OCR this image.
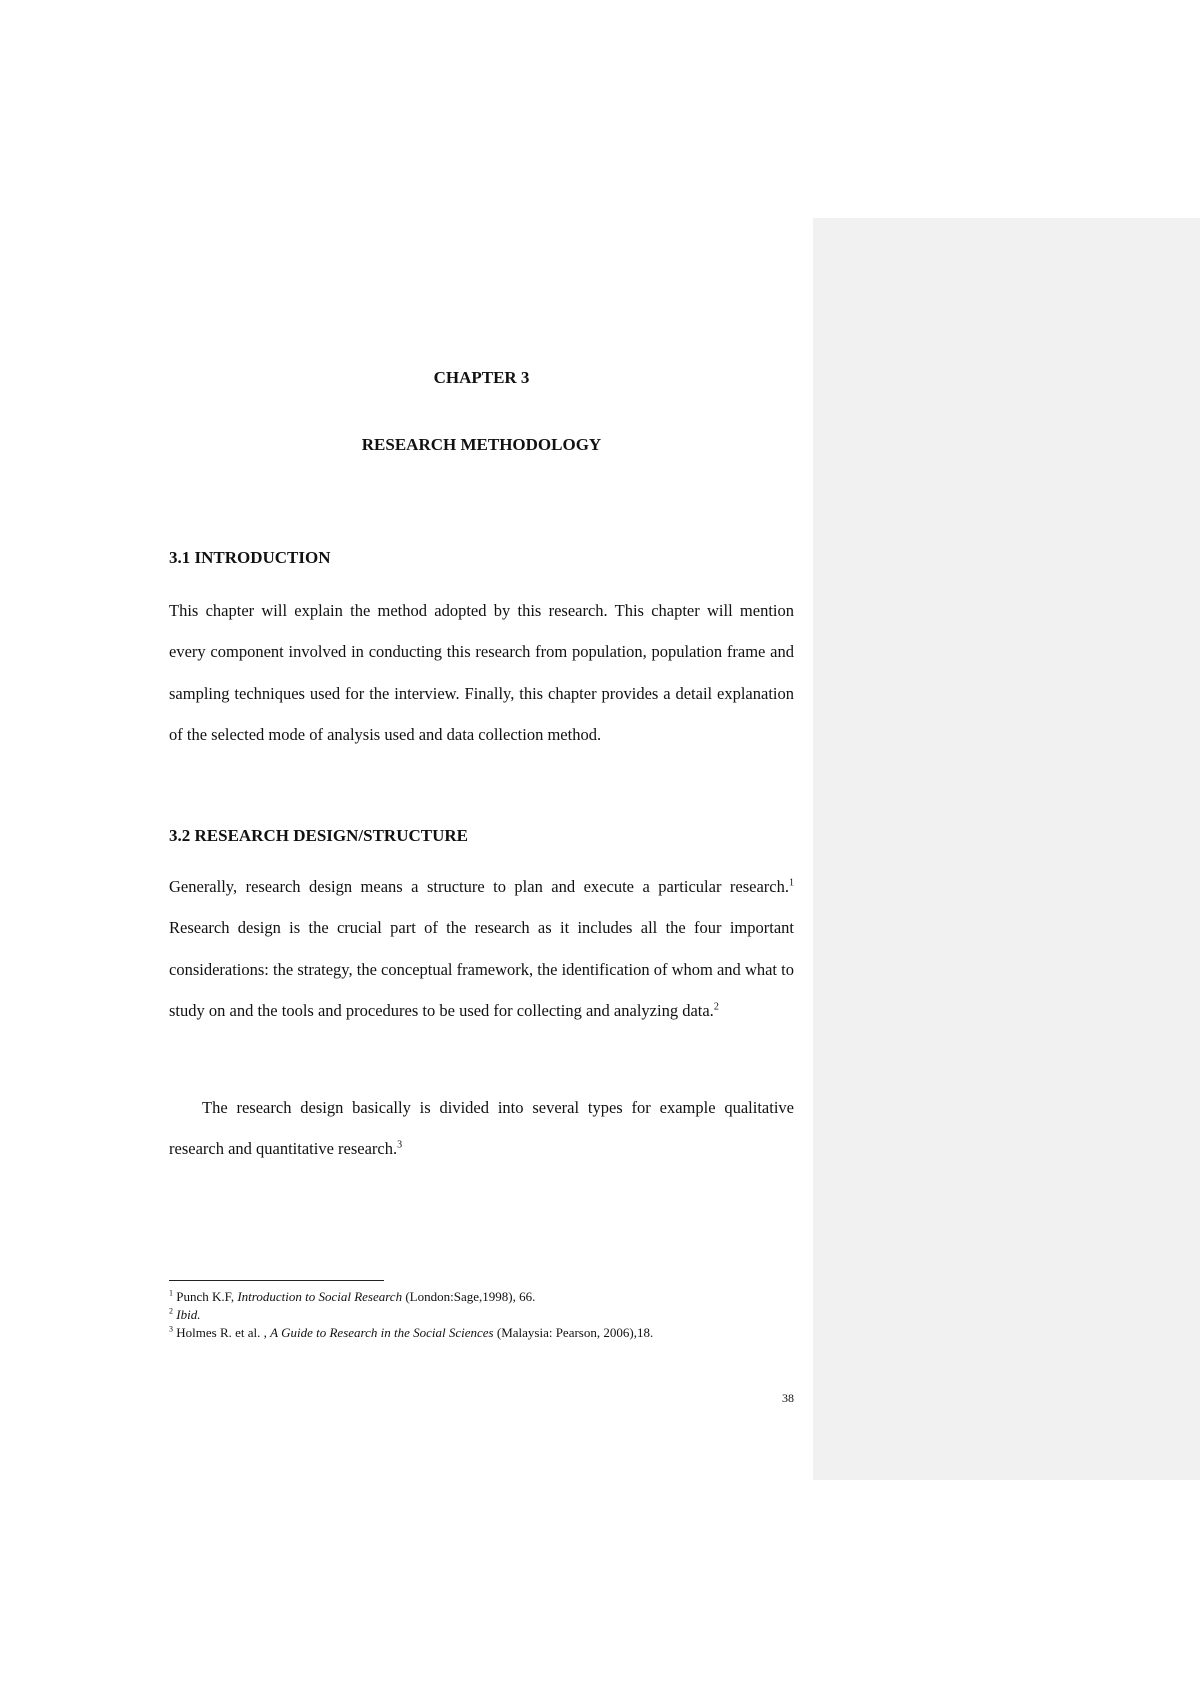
CHAPTER 3
RESEARCH METHODOLOGY
3.1 INTRODUCTION

This chapter will explain the method adopted by this research. This chapter will mention every component involved in conducting this research from population, population frame and sampling techniques used for the interview. Finally, this chapter provides a detail explanation of the selected mode of analysis used and data collection method.

3.2 RESEARCH DESIGN/STRUCTURE

Generally, research design means a structure to plan and execute a particular research.$^1$ Research design is the crucial part of the research as it includes all the four important considerations: the strategy, the conceptual framework, the identification of whom and what to study on and the tools and procedures to be used for collecting and analyzing data.$^2$

The research design basically is divided into several types for example qualitative research and quantitative research.$^3$

$^1$ Punch K.F, Introduction to Social Research (London:Sage,1998), 66.

$^2$ Ibid.

$^3$ Holmes R. et al. , A Guide to Research in the Social Sciences (Malaysia: Pearson, 2006),18.

38
